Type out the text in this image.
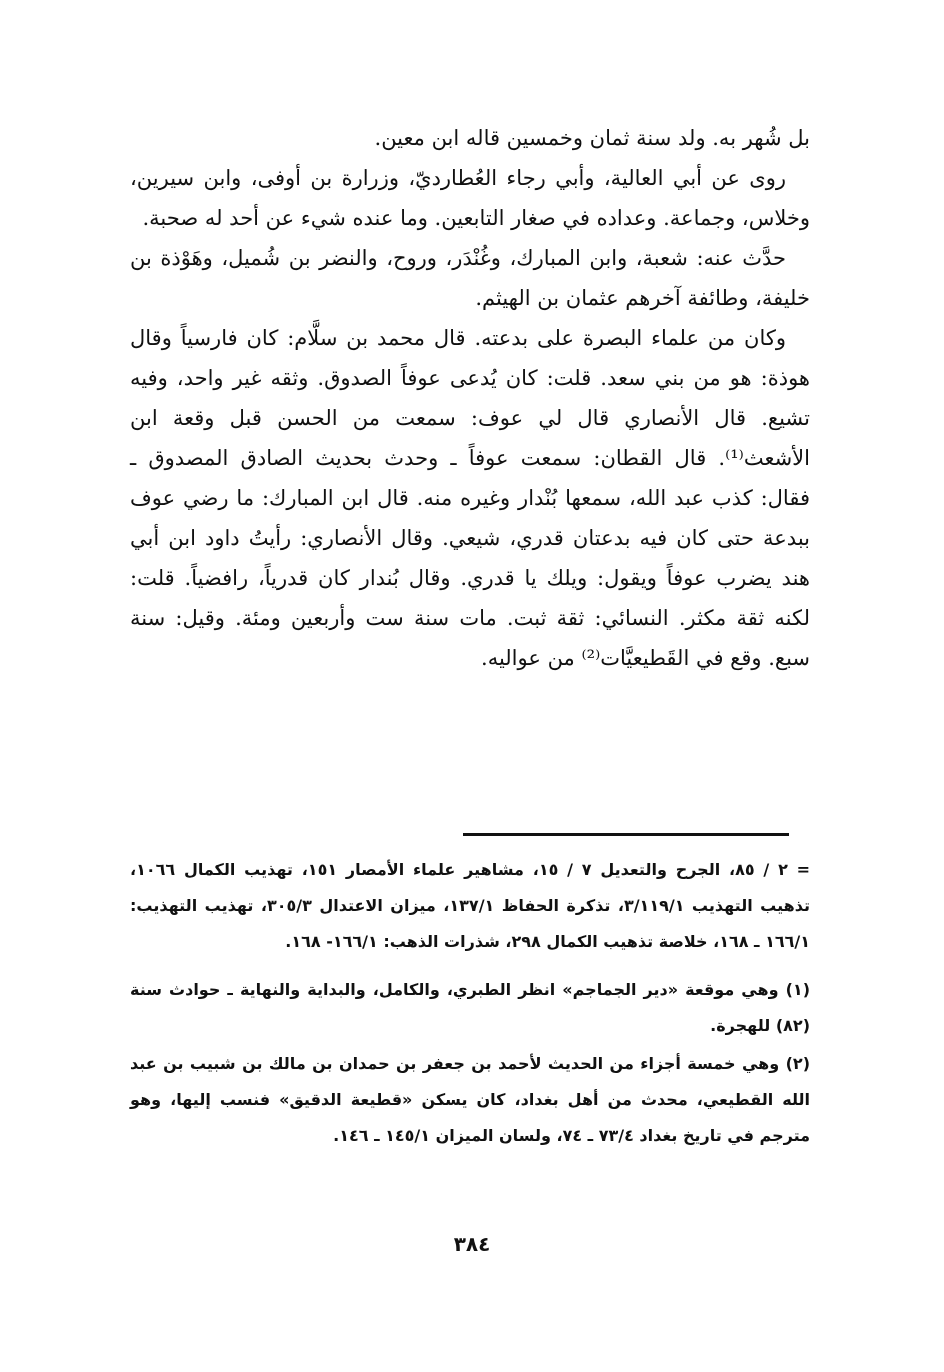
بل شُهر به. ولد سنة ثمان وخمسين قاله ابن معين.

روى عن أبي العالية، وأبي رجاء العُطارديّ، وزرارة بن أوفى، وابن سيرين، وخلاس، وجماعة. وعداده في صغار التابعين. وما عنده شيء عن أحد له صحبة.

حدَّث عنه: شعبة، وابن المبارك، وغُنْدَر، وروح، والنضر بن شُميل، وهَوْذة بن خليفة، وطائفة آخرهم عثمان بن الهيثم.

وكان من علماء البصرة على بدعته. قال محمد بن سلَّام: كان فارسياً وقال هوذة: هو من بني سعد. قلت: كان يُدعى عوفاً الصدوق. وثقه غير واحد، وفيه تشيع. قال الأنصاري قال لي عوف: سمعت من الحسن قبل وقعة ابن الأشعث⁽¹⁾. قال القطان: سمعت عوفاً ـ وحدث بحديث الصادق المصدوق ـ فقال: كذب عبد الله، سمعها بُنْدار وغيره منه. قال ابن المبارك: ما رضي عوف ببدعة حتى كان فيه بدعتان قدري، شيعي. وقال الأنصاري: رأيتُ داود ابن أبي هند يضرب عوفاً ويقول: ويلك يا قدري. وقال بُندار كان قدرياً، رافضياً. قلت: لكنه ثقة مكثر. النسائي: ثقة ثبت. مات سنة ست وأربعين ومئة. وقيل: سنة سبع. وقع في القَطيعيَّات⁽²⁾ من عواليه.

= ٢ / ٨٥، الجرح والتعديل ٧ / ١٥، مشاهير علماء الأمصار ١٥١، تهذيب الكمال ١٠٦٦، تذهيب التهذيب ٣/١١٩/١، تذكرة الحفاظ ١٣٧/١، ميزان الاعتدال ٣٠٥/٣، تهذيب التهذيب: ١٦٦/١ ـ ١٦٨، خلاصة تذهيب الكمال ٢٩٨، شذرات الذهب: ١٦٦/١- ١٦٨.

(١) وهي موقعة «دير الجماجم» انظر الطبري، والكامل، والبداية والنهاية ـ حوادث سنة (٨٢) للهجرة.

(٢) وهي خمسة أجزاء من الحديث لأحمد بن جعفر بن حمدان بن مالك بن شبيب بن عبد الله القطيعي، محدث من أهل بغداد، كان يسكن «قطيعة الدقيق» فنسب إليها، وهو مترجم في تاريخ بغداد ٧٣/٤ ـ ٧٤، ولسان الميزان ١٤٥/١ ـ ١٤٦.

٣٨٤
